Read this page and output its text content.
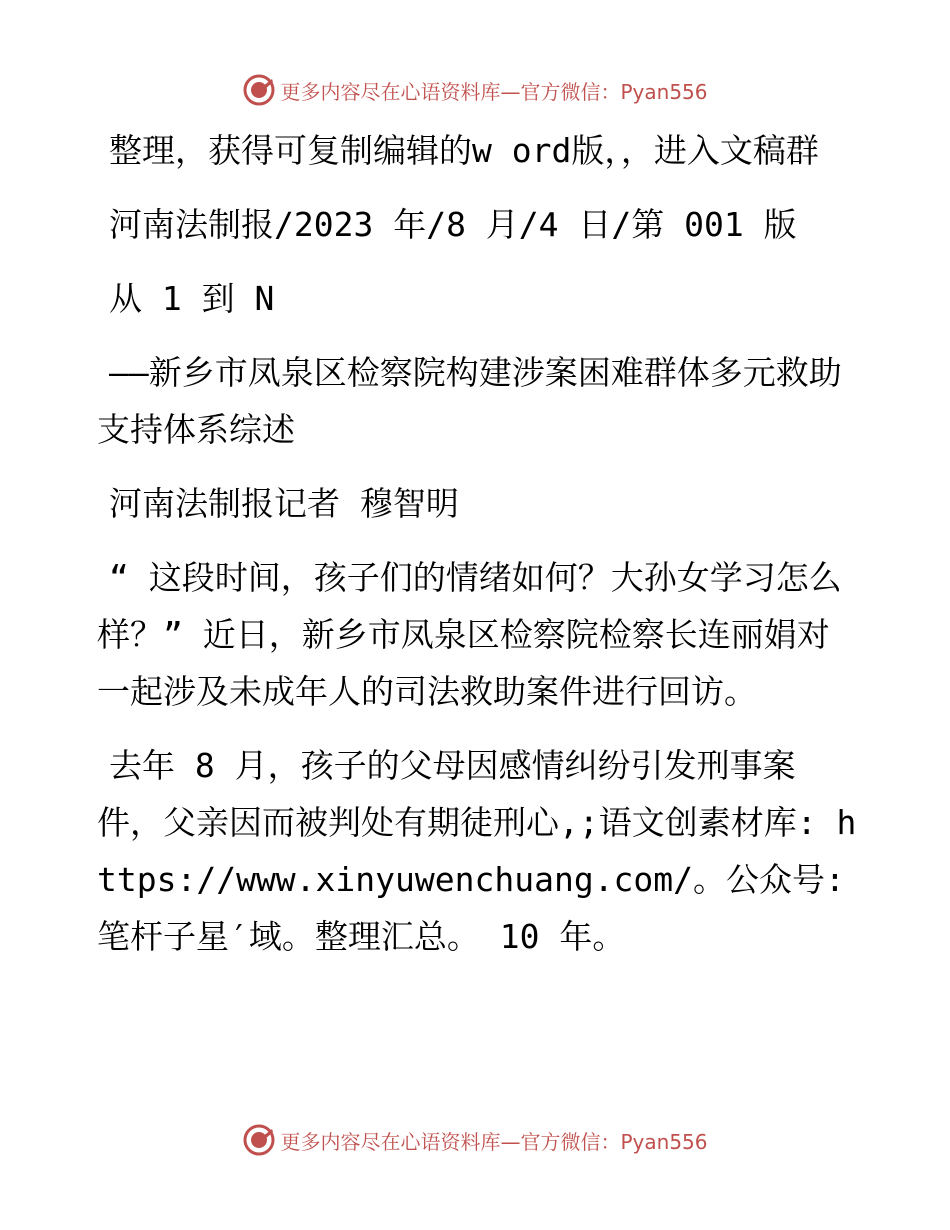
更多内容尽在心语资料库—官方微信：Pyan556

整理，获得可复制编辑的w ord版，，进入文稿群

河南法制报/2023 年/8 月/4 日/第 001 版

从 1 到 N

——新乡市凤泉区检察院构建涉案困难群体多元救助支持体系综述

河南法制报记者 穆智明

“ 这段时间，孩子们的情绪如何？大孙女学习怎么样？” 近日，新乡市凤泉区检察院检察长连丽娟对一起涉及未成年人的司法救助案件进行回访。

去年 8 月，孩子的父母因感情纠纷引发刑事案件，父亲因而被判处有期徒刑心,;语文创素材库: https://www.xinyuwenchuang.com/。公众号: 笔杆子星′域。整理汇总。 10 年。

更多内容尽在心语资料库—官方微信：Pyan556
